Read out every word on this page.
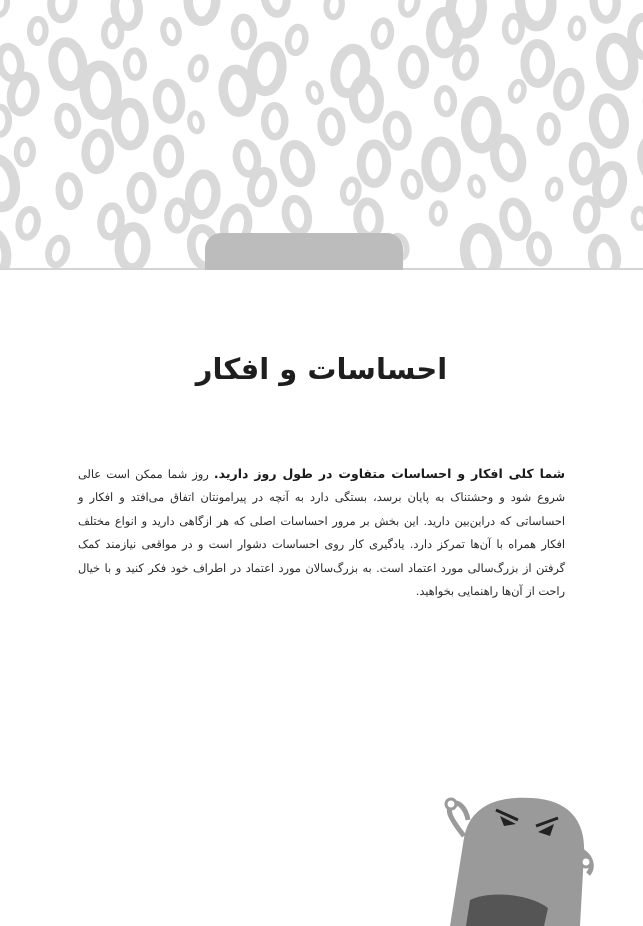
بخش ۱
احساسات و افکار
شما کلی افکار و احساسات متفاوت در طول روز دارید. روز شما ممکن است عالی شروع شود و وحشتناک به پایان برسد، بستگی دارد به آنچه در پیرامونتان اتفاق می‌افتد و افکار و احساساتی که دراین‌بین دارید. این بخش بر مرور احساسات اصلی که هر ازگاهی دارید و انواع مختلف افکار همراه با آن‌ها تمرکز دارد. یادگیری کار روی احساسات دشوار است و در مواقعی نیازمند کمک گرفتن از بزرگ‌سالی مورد اعتماد است. به بزرگ‌سالان مورد اعتماد در اطراف خود فکر کنید و با خیال راحت از آن‌ها راهنمایی بخواهید.
